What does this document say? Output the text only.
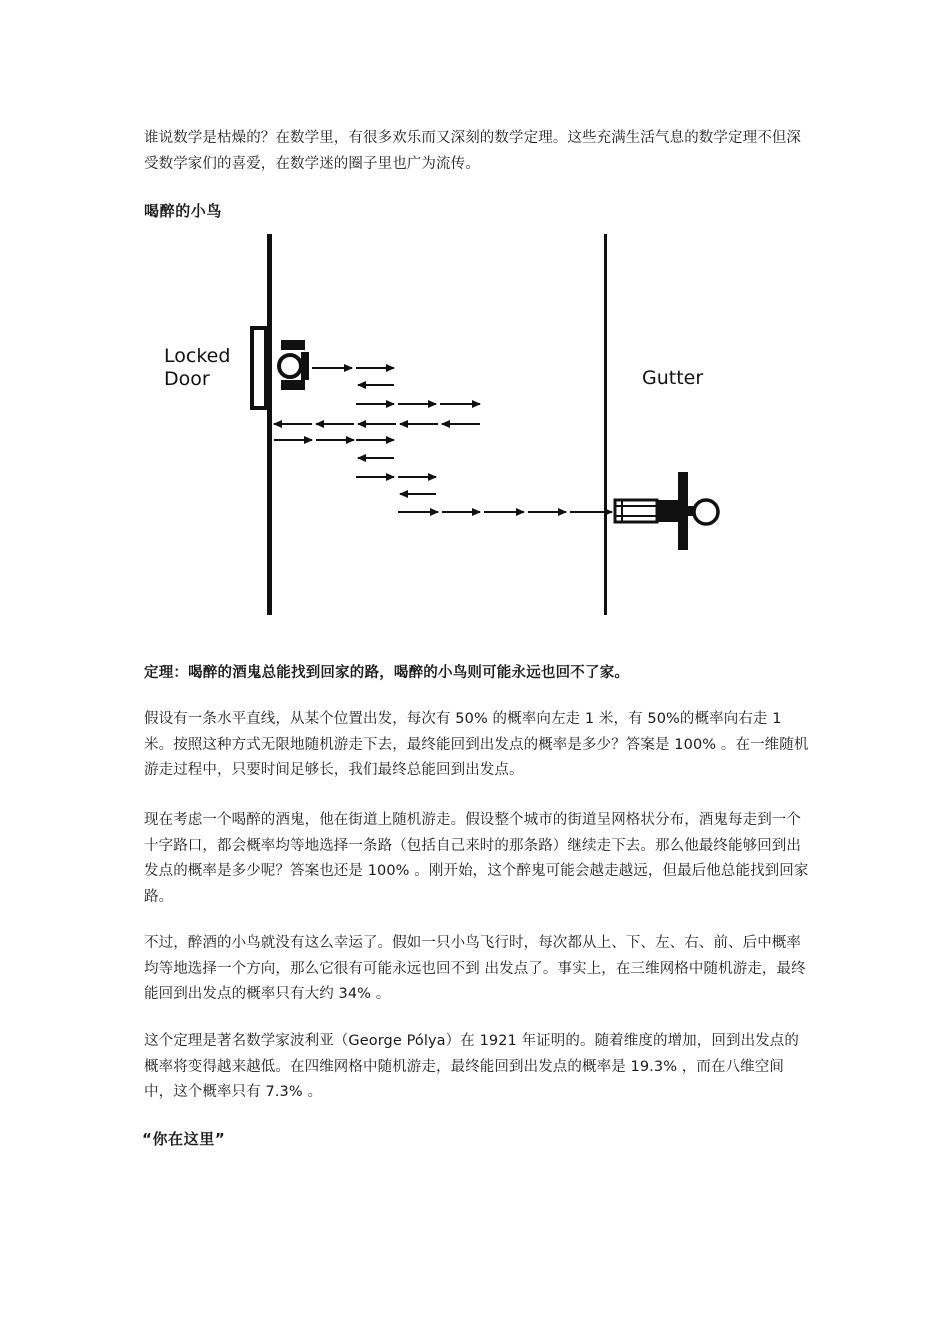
谁说数学是枯燥的？在数学里，有很多欢乐而又深刻的数学定理。这些充满生活气息的数学定理不但深受数学家们的喜爱，在数学迷的圈子里也广为流传。

喝醉的小鸟

Locked
Door	Gutter

定理：喝醉的酒鬼总能找到回家的路，喝醉的小鸟则可能永远也回不了家。

假设有一条水平直线，从某个位置出发，每次有 50% 的概率向左走 1 米，有 50%的概率向右走 1 米。按照这种方式无限地随机游走下去，最终能回到出发点的概率是多少？答案是 100% 。在一维随机游走过程中，只要时间足够长，我们最终总能回到出发点。

现在考虑一个喝醉的酒鬼，他在街道上随机游走。假设整个城市的街道呈网格状分布，酒鬼每走到一个十字路口，都会概率均等地选择一条路（包括自己来时的那条路）继续走下去。那么他最终能够回到出发点的概率是多少呢？答案也还是 100% 。刚开始，这个醉鬼可能会越走越远，但最后他总能找到回家路。

不过，醉酒的小鸟就没有这么幸运了。假如一只小鸟飞行时，每次都从上、下、左、右、前、后中概率均等地选择一个方向，那么它很有可能永远也回不到 出发点了。事实上，在三维网格中随机游走，最终能回到出发点的概率只有大约 34% 。

这个定理是著名数学家波利亚（George Pólya）在 1921 年证明的。随着维度的增加，回到出发点的概率将变得越来越低。在四维网格中随机游走，最终能回到出发点的概率是 19.3% ，而在八维空间中，这个概率只有 7.3% 。

“你在这里”
